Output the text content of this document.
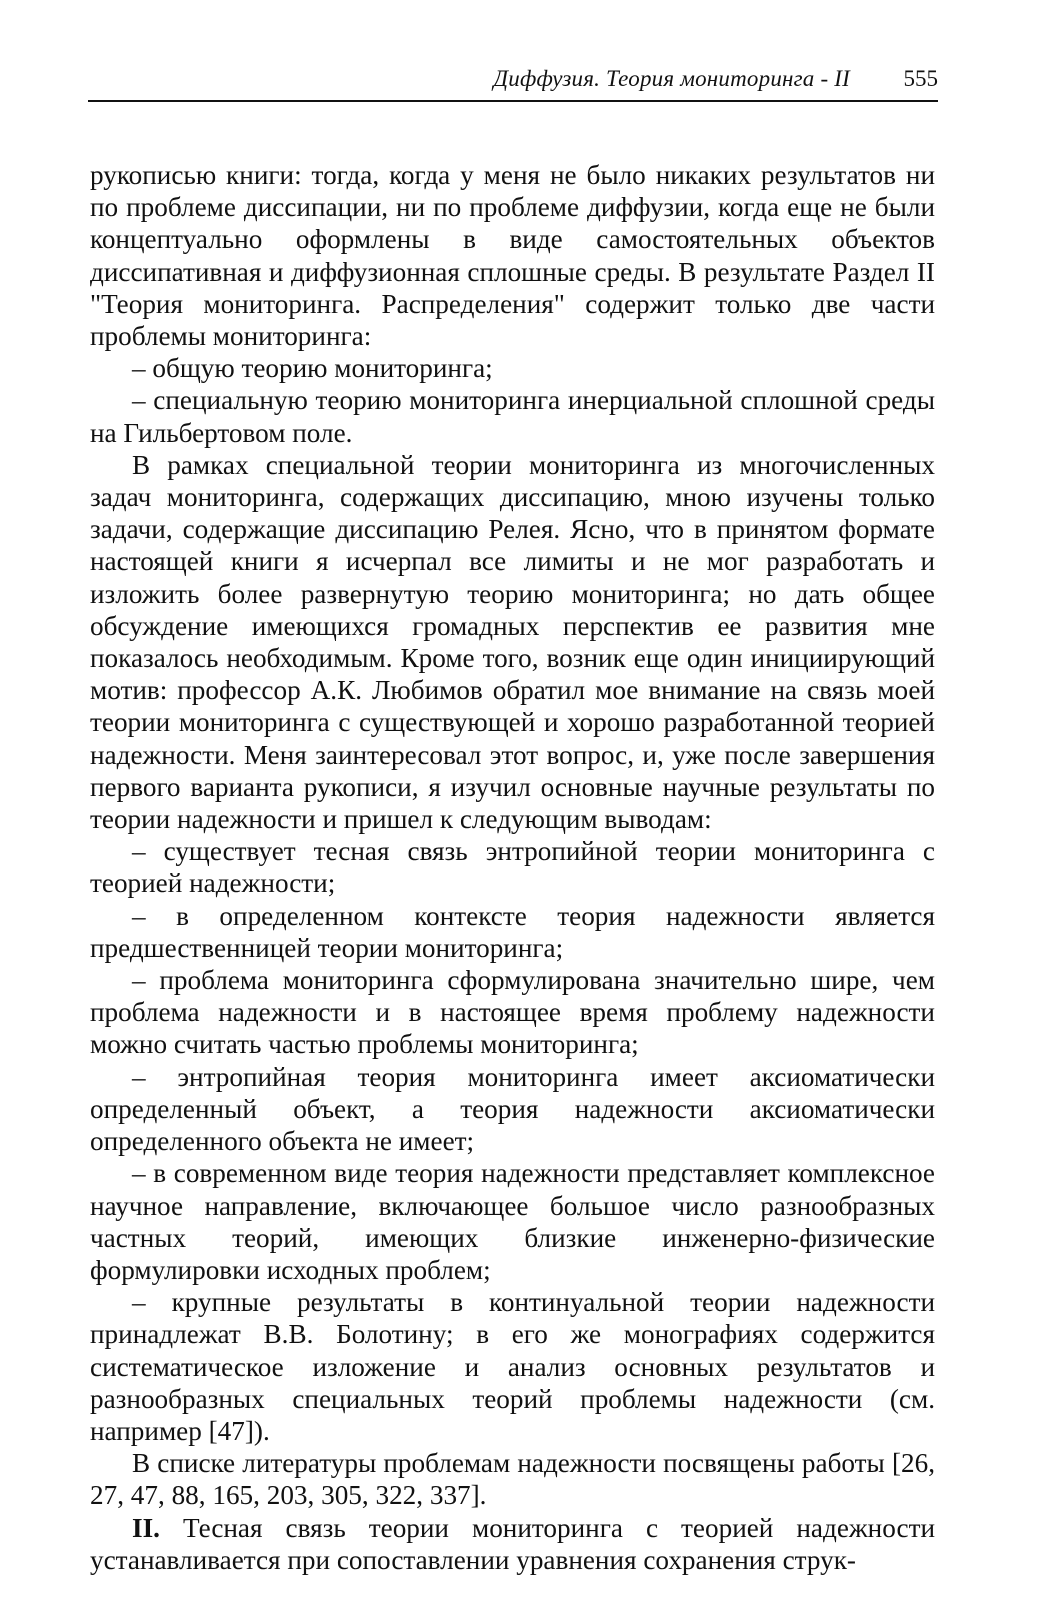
Диффузия. Теория мониторинга - II 555

рукописью книги: тогда, когда у меня не было никаких результатов ни по проблеме диссипации, ни по проблеме диффузии, когда еще не были концептуально оформлены в виде самостоятельных объектов диссипативная и диффузионная сплошные среды. В результате Раздел II "Теория мониторинга. Распределения" содержит только две части проблемы мониторинга:

– общую теорию мониторинга;

– специальную теорию мониторинга инерциальной сплошной среды на Гильбертовом поле.

В рамках специальной теории мониторинга из многочисленных задач мониторинга, содержащих диссипацию, мною изучены только задачи, содержащие диссипацию Релея. Ясно, что в принятом формате настоящей книги я исчерпал все лимиты и не мог разработать и изложить более развернутую теорию мониторинга; но дать общее обсуждение имеющихся громадных перспектив ее развития мне показалось необходимым. Кроме того, возник еще один инициирующий мотив: профессор А.К. Любимов обратил мое внимание на связь моей теории мониторинга с существующей и хорошо разработанной теорией надежности. Меня заинтересовал этот вопрос, и, уже после завершения первого варианта рукописи, я изучил основные научные результаты по теории надежности и пришел к следующим выводам:

– существует тесная связь энтропийной теории мониторинга с теорией надежности;

– в определенном контексте теория надежности является предшественницей теории мониторинга;

– проблема мониторинга сформулирована значительно шире, чем проблема надежности и в настоящее время проблему надежности можно считать частью проблемы мониторинга;

– энтропийная теория мониторинга имеет аксиоматически определенный объект, а теория надежности аксиоматически определенного объекта не имеет;

– в современном виде теория надежности представляет комплексное научное направление, включающее большое число разнообразных частных теорий, имеющих близкие инженерно-физические формулировки исходных проблем;

– крупные результаты в континуальной теории надежности принадлежат В.В. Болотину; в его же монографиях содержится систематическое изложение и анализ основных результатов и разнообразных специальных теорий проблемы надежности (см. например [47]).

В списке литературы проблемам надежности посвящены работы [26, 27, 47, 88, 165, 203, 305, 322, 337].

II. Тесная связь теории мониторинга с теорией надежности устанавливается при сопоставлении уравнения сохранения струк-
